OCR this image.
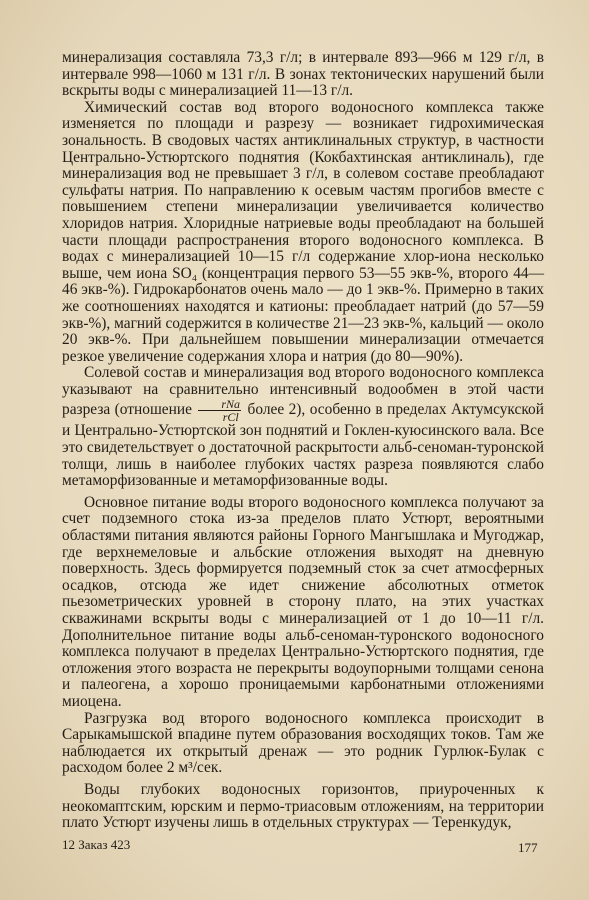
минерализация составляла 73,3 г/л; в интервале 893—966 м 129 г/л, в интервале 998—1060 м 131 г/л. В зонах тектонических нарушений были вскрыты воды с минерализацией 11—13 г/л.

Химический состав вод второго водоносного комплекса также изменяется по площади и разрезу — возникает гидрохимическая зональность. В сводовых частях антиклинальных структур, в частности Центрально-Устюртского поднятия (Кокбахтинская антиклиналь), где минерализация вод не превышает 3 г/л, в солевом составе преобладают сульфаты натрия. По направлению к осевым частям прогибов вместе с повышением степени минерализации увеличивается количество хлоридов натрия. Хлоридные натриевые воды преобладают на большей части площади распространения второго водоносного комплекса. В водах с минерализацией 10—15 г/л содержание хлор-иона несколько выше, чем иона SO₄ (концентрация первого 53—55 экв-%, второго 44—46 экв-%). Гидрокарбонатов очень мало — до 1 экв-%. Примерно в таких же соотношениях находятся и катионы: преобладает натрий (до 57—59 экв-%), магний содержится в количестве 21—23 экв-%, кальций — около 20 экв-%. При дальнейшем повышении минерализации отмечается резкое увеличение содержания хлора и натрия (до 80—90%).

Солевой состав и минерализация вод второго водоносного комплекса указывают на сравнительно интенсивный водообмен в этой части разреза (отношение $\frac{\text{rNa}}{\text{rCl}}$ более 2), особенно в пределах Актумсукской и Центрально-Устюртской зон поднятий и Гоклен-куюсинского вала. Все это свидетельствует о достаточной раскрытости альб-сеноман-туронской толщи, лишь в наиболее глубоких частях разреза появляются слабо метаморфизованные и метаморфизованные воды.

Основное питание воды второго водоносного комплекса получают за счет подземного стока из-за пределов плато Устюрт, вероятными областями питания являются районы Горного Мангышлака и Мугоджар, где верхнемеловые и альбские отложения выходят на дневную поверхность. Здесь формируется подземный сток за счет атмосферных осадков, отсюда же идет снижение абсолютных отметок пьезометрических уровней в сторону плато, на этих участках скважинами вскрыты воды с минерализацией от 1 до 10—11 г/л. Дополнительное питание воды альб-сеноман-туронского водоносного комплекса получают в пределах Центрально-Устюртского поднятия, где отложения этого возраста не перекрыты водоупорными толщами сенона и палеогена, а хорошо проницаемыми карбонатными отложениями миоцена.

Разгрузка вод второго водоносного комплекса происходит в Сарыкамышской впадине путем образования восходящих токов. Там же наблюдается их открытый дренаж — это родник Гурлюк-Булак с расходом более 2 м³/сек.

Воды глубоких водоносных горизонтов, приуроченных к неокомаптским, юрским и пермо-триасовым отложениям, на территории плато Устюрт изучены лишь в отдельных структурах — Теренкудук,

12 Заказ 423	177
